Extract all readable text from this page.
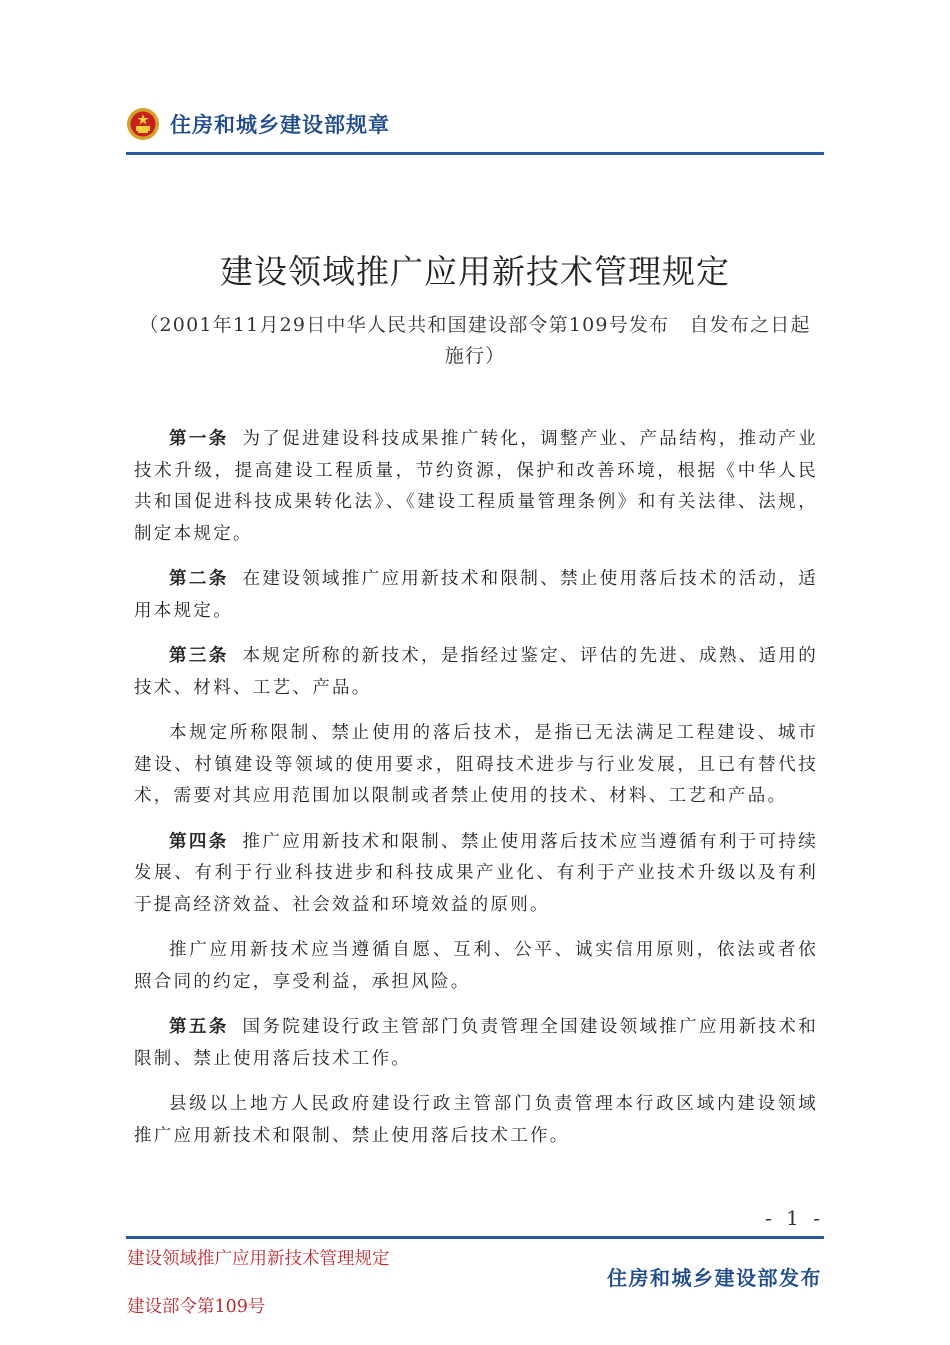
住房和城乡建设部规章
建设领域推广应用新技术管理规定
（2001年11月29日中华人民共和国建设部令第109号发布　自发布之日起施行）

第一条 为了促进建设科技成果推广转化，调整产业、产品结构，推动产业技术升级，提高建设工程质量，节约资源，保护和改善环境，根据《中华人民共和国促进科技成果转化法》、《建设工程质量管理条例》和有关法律、法规，制定本规定。

第二条 在建设领域推广应用新技术和限制、禁止使用落后技术的活动，适用本规定。

第三条 本规定所称的新技术，是指经过鉴定、评估的先进、成熟、适用的技术、材料、工艺、产品。

本规定所称限制、禁止使用的落后技术，是指已无法满足工程建设、城市建设、村镇建设等领域的使用要求，阻碍技术进步与行业发展，且已有替代技术，需要对其应用范围加以限制或者禁止使用的技术、材料、工艺和产品。

第四条 推广应用新技术和限制、禁止使用落后技术应当遵循有利于可持续发展、有利于行业科技进步和科技成果产业化、有利于产业技术升级以及有利于提高经济效益、社会效益和环境效益的原则。

推广应用新技术应当遵循自愿、互利、公平、诚实信用原则，依法或者依照合同的约定，享受利益，承担风险。

第五条 国务院建设行政主管部门负责管理全国建设领域推广应用新技术和限制、禁止使用落后技术工作。

县级以上地方人民政府建设行政主管部门负责管理本行政区域内建设领域推广应用新技术和限制、禁止使用落后技术工作。

- 1 -
建设领域推广应用新技术管理规定
建设部令第109号
住房和城乡建设部发布
